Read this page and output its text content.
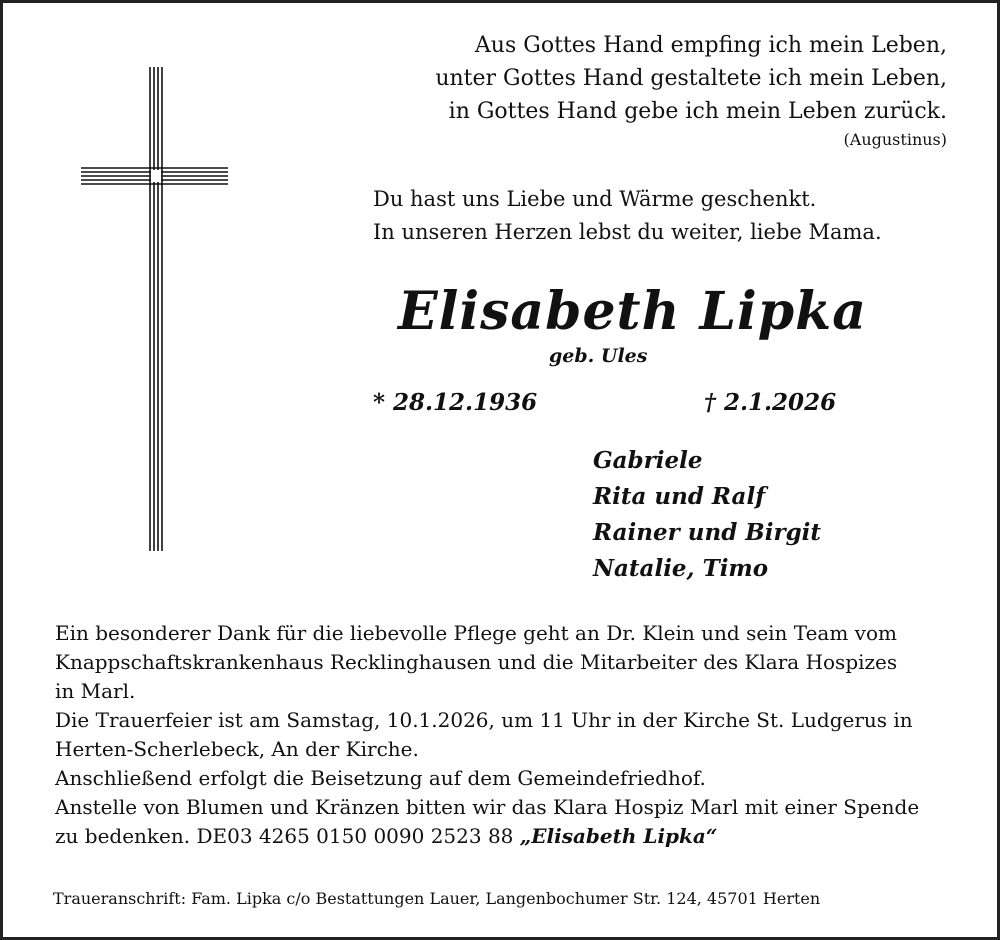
Aus Gottes Hand empfing ich mein Leben,
unter Gottes Hand gestaltete ich mein Leben,
in Gottes Hand gebe ich mein Leben zurück.
(Augustinus)
Du hast uns Liebe und Wärme geschenkt.
In unseren Herzen lebst du weiter, liebe Mama.
Elisabeth Lipka
geb. Ules
* 28.12.1936	† 2.1.2026
Gabriele
Rita und Ralf
Rainer und Birgit
Natalie, Timo
Ein besonderer Dank für die liebevolle Pflege geht an Dr. Klein und sein Team vom
Knappschaftskrankenhaus Recklinghausen und die Mitarbeiter des Klara Hospizes
in Marl.
Die Trauerfeier ist am Samstag, 10.1.2026, um 11 Uhr in der Kirche St. Ludgerus in
Herten-Scherlebeck, An der Kirche.
Anschließend erfolgt die Beisetzung auf dem Gemeindefriedhof.
Anstelle von Blumen und Kränzen bitten wir das Klara Hospiz Marl mit einer Spende
zu bedenken. DE03 4265 0150 0090 2523 88 „Elisabeth Lipka“
Traueranschrift: Fam. Lipka c/o Bestattungen Lauer, Langenbochumer Str. 124, 45701 Herten
